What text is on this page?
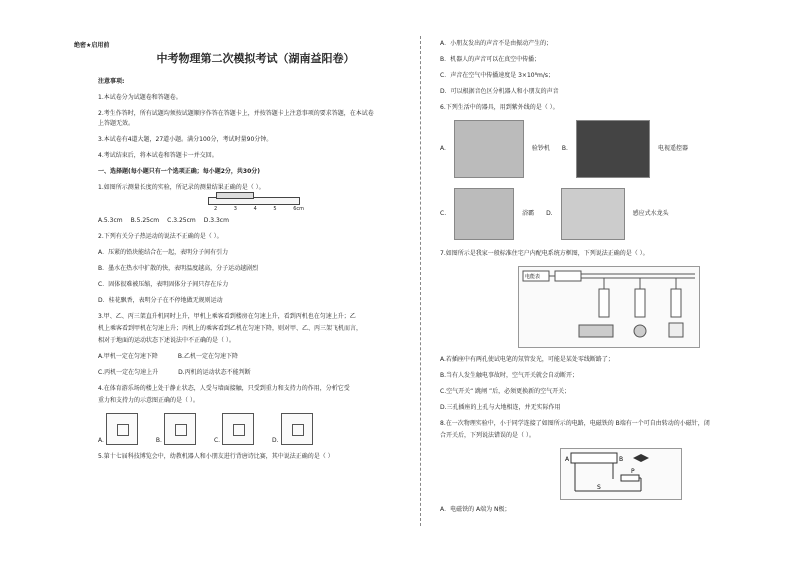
绝密★启用前
中考物理第二次模拟考试（湖南益阳卷）
注意事项:
1.本试卷分为试题卷和答题卷。
2.考生作答时，所有试题均须按试题顺序作答在答题卡上，并按答题卡上注意事项的要求答题，在本试卷
上答题无效。
3.本试卷有4道大题，27道小题。满分100分，考试时量90分钟。
4.考试结束后，将本试卷和答题卡一并交回。
一、选择题(每小题只有一个选项正确；每小题2分，共30分)
1.如图所示测量长度的实验，所记录的测量结果正确的是（ ）。
2	3	4	5	6cm
A.5.3cm B.5.25cm C.3.25cm D.3.3cm
2.下列有关分子热运动的说法不正确的是（ ）。
A．压紧的铅块能结合在一起，表明分子间有引力
B．墨水在热水中扩散的快，表明温度越高，分子运动越剧烈
C．固体很难被压缩，表明固体分子间只存在斥力
D．桂花飘香，表明分子在不停地做无规则运动
3.甲、乙、丙三架直升机同时上升，甲机上乘客看到楼房在匀速上升，看到丙机也在匀速上升；乙
机上乘客看到甲机在匀速上升；丙机上的乘客看到乙机在匀速下降，则对甲、乙、丙三架飞机而言，
相对于地面的运动状态下述说法中不正确的是（ ）。
A.甲机一定在匀速下降	B.乙机一定在匀速下降
C.丙机一定在匀速上升	D.丙机的运动状态不能判断
4.在体育游乐场的楼上处于静止状态，人受与墙面接触，只受到重力和支持力的作用，分析它受
重力和支持力的示意图正确的是（ ）。
A.	B.	C.	D.
5.第十七届科技博览会中，幼教机器人和小朋友进行背唐诗比赛，其中说法正确的是（ ）
A．小朋友发出的声音不是由振动产生的；
B．机器人的声音可以在真空中传播；
C．声音在空气中传播速度是 3×10⁸m/s；
D．可以根据音色区分机器人和小朋友的声音
6.下列生活中的器具，用到紫外线的是（ ）。
A.	验钞机 B.	电视遥控器
C.	浴霸 D.	感应式水龙头
7.如图所示是我家一般标准住宅户内配电系统方框图，下列说法正确的是（ ）。
电能表
A.若插座中有两孔使试电笔的氖管发光，可能是某处零线断路了；
B.当有人发生触电事故时，空气开关就会自动断开；
C.空气开关“ 跳闸 ”后，必须更换新的空气开关；
D.三孔插座的上孔与大地相连，并无实际作用
8.在一次物理实验中，小于同学连接了如图所示的电路，电磁铁的 B端有一个可自由转动的小磁针，闭
合开关后，下列说法错误的是（ ）。
A	B
S
P
A．电磁铁的 A端为 N极；
